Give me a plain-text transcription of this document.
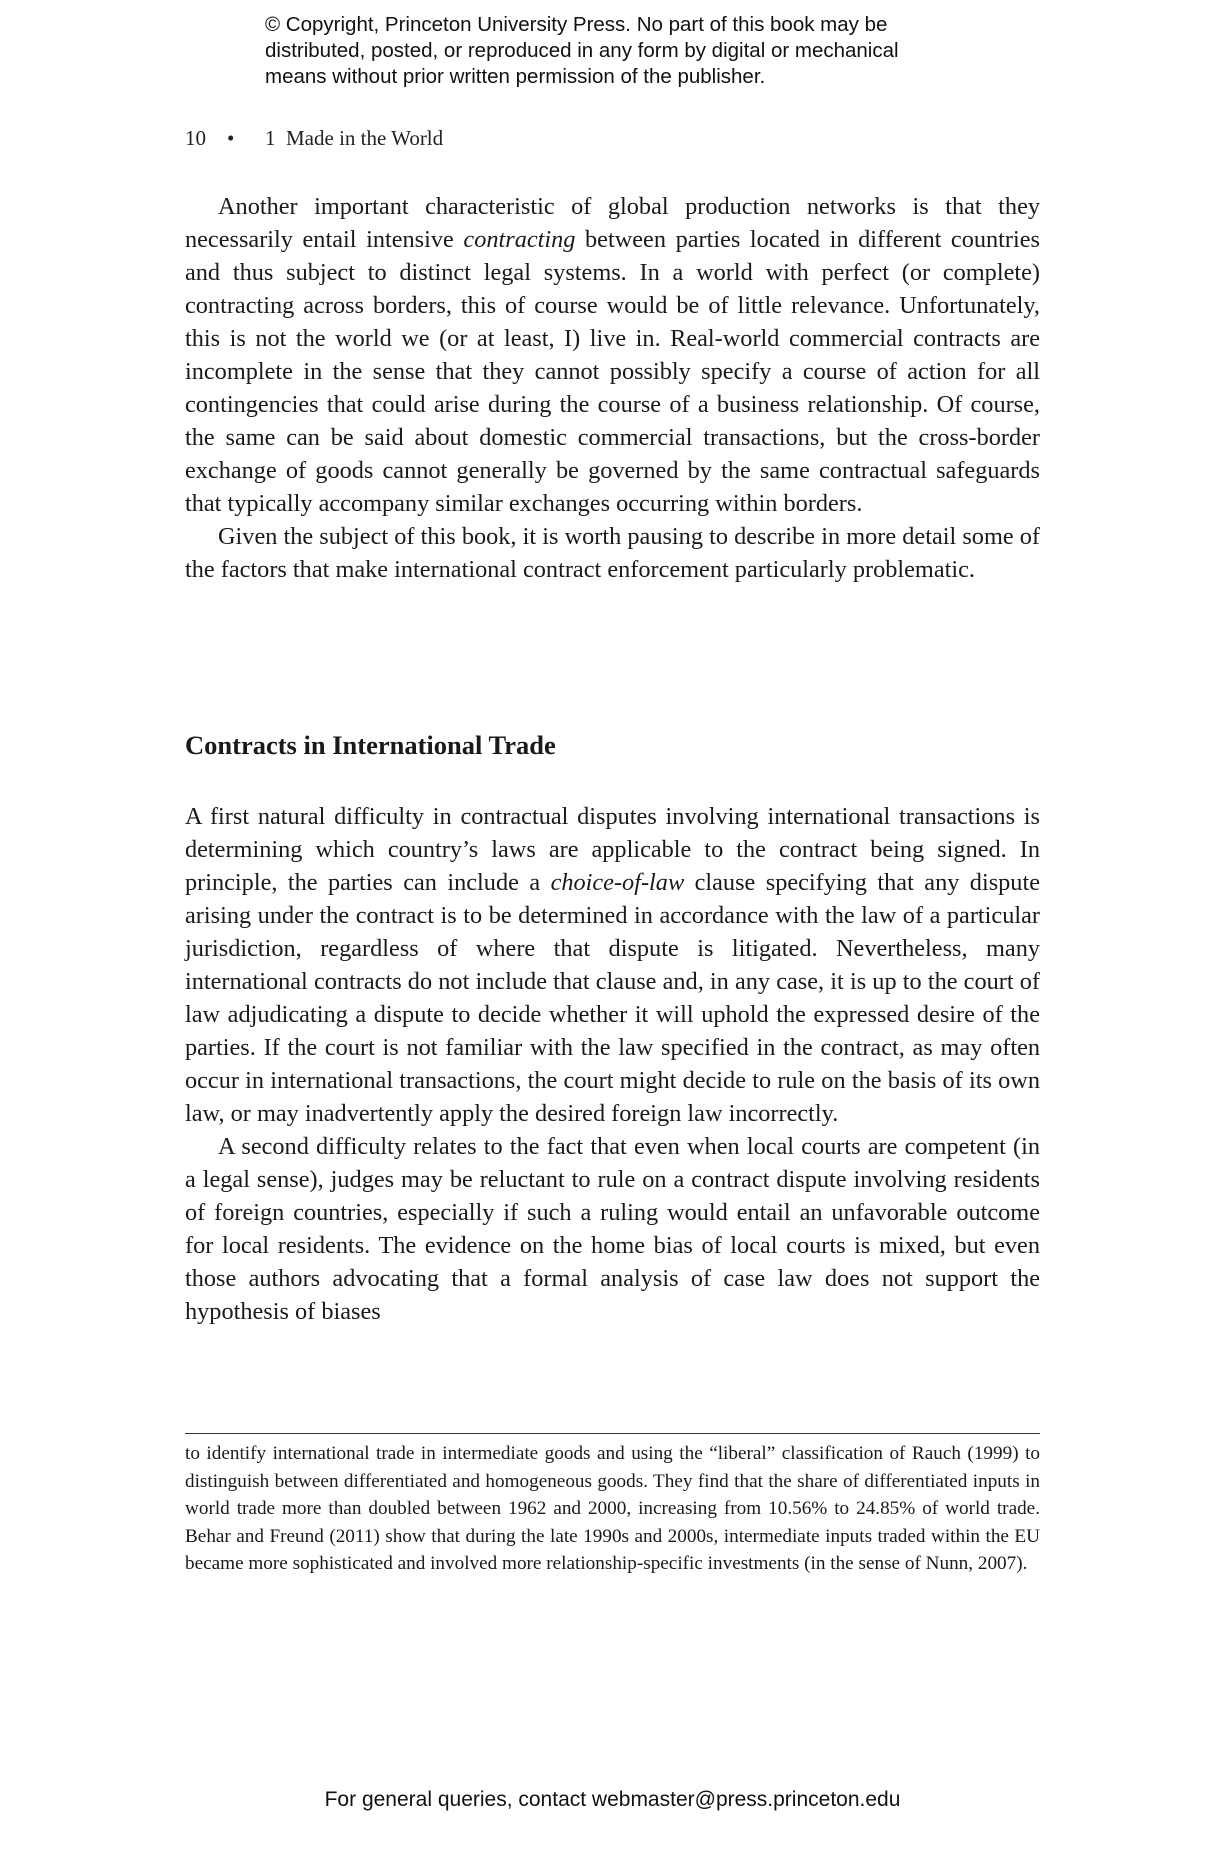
© Copyright, Princeton University Press. No part of this book may be
distributed, posted, or reproduced in any form by digital or mechanical
means without prior written permission of the publisher.
10 • 1  Made in the World

Another important characteristic of global production networks is that they necessarily entail intensive contracting between parties located in different countries and thus subject to distinct legal systems. In a world with perfect (or complete) contracting across borders, this of course would be of little relevance. Unfortunately, this is not the world we (or at least, I) live in. Real-world commercial contracts are incomplete in the sense that they cannot possibly specify a course of action for all contingencies that could arise during the course of a business relationship. Of course, the same can be said about domestic commercial transactions, but the cross-border exchange of goods cannot generally be governed by the same contractual safeguards that typically accompany similar exchanges occurring within borders.

Given the subject of this book, it is worth pausing to describe in more detail some of the factors that make international contract enforcement particularly problematic.

Contracts in International Trade

A first natural difficulty in contractual disputes involving international transactions is determining which country’s laws are applicable to the contract being signed. In principle, the parties can include a choice-of-law clause specifying that any dispute arising under the contract is to be determined in accordance with the law of a particular jurisdiction, regardless of where that dispute is litigated. Nevertheless, many international contracts do not include that clause and, in any case, it is up to the court of law adjudicating a dispute to decide whether it will uphold the expressed desire of the parties. If the court is not familiar with the law specified in the contract, as may often occur in international transactions, the court might decide to rule on the basis of its own law, or may inadvertently apply the desired foreign law incorrectly.

A second difficulty relates to the fact that even when local courts are competent (in a legal sense), judges may be reluctant to rule on a contract dispute involving residents of foreign countries, especially if such a ruling would entail an unfavorable outcome for local residents. The evidence on the home bias of local courts is mixed, but even those authors advocating that a formal analysis of case law does not support the hypothesis of biases

to identify international trade in intermediate goods and using the “liberal” classification of Rauch (1999) to distinguish between differentiated and homogeneous goods. They find that the share of differentiated inputs in world trade more than doubled between 1962 and 2000, increasing from 10.56% to 24.85% of world trade. Behar and Freund (2011) show that during the late 1990s and 2000s, intermediate inputs traded within the EU became more sophisticated and involved more relationship-specific investments (in the sense of Nunn, 2007).

For general queries, contact webmaster@press.princeton.edu
